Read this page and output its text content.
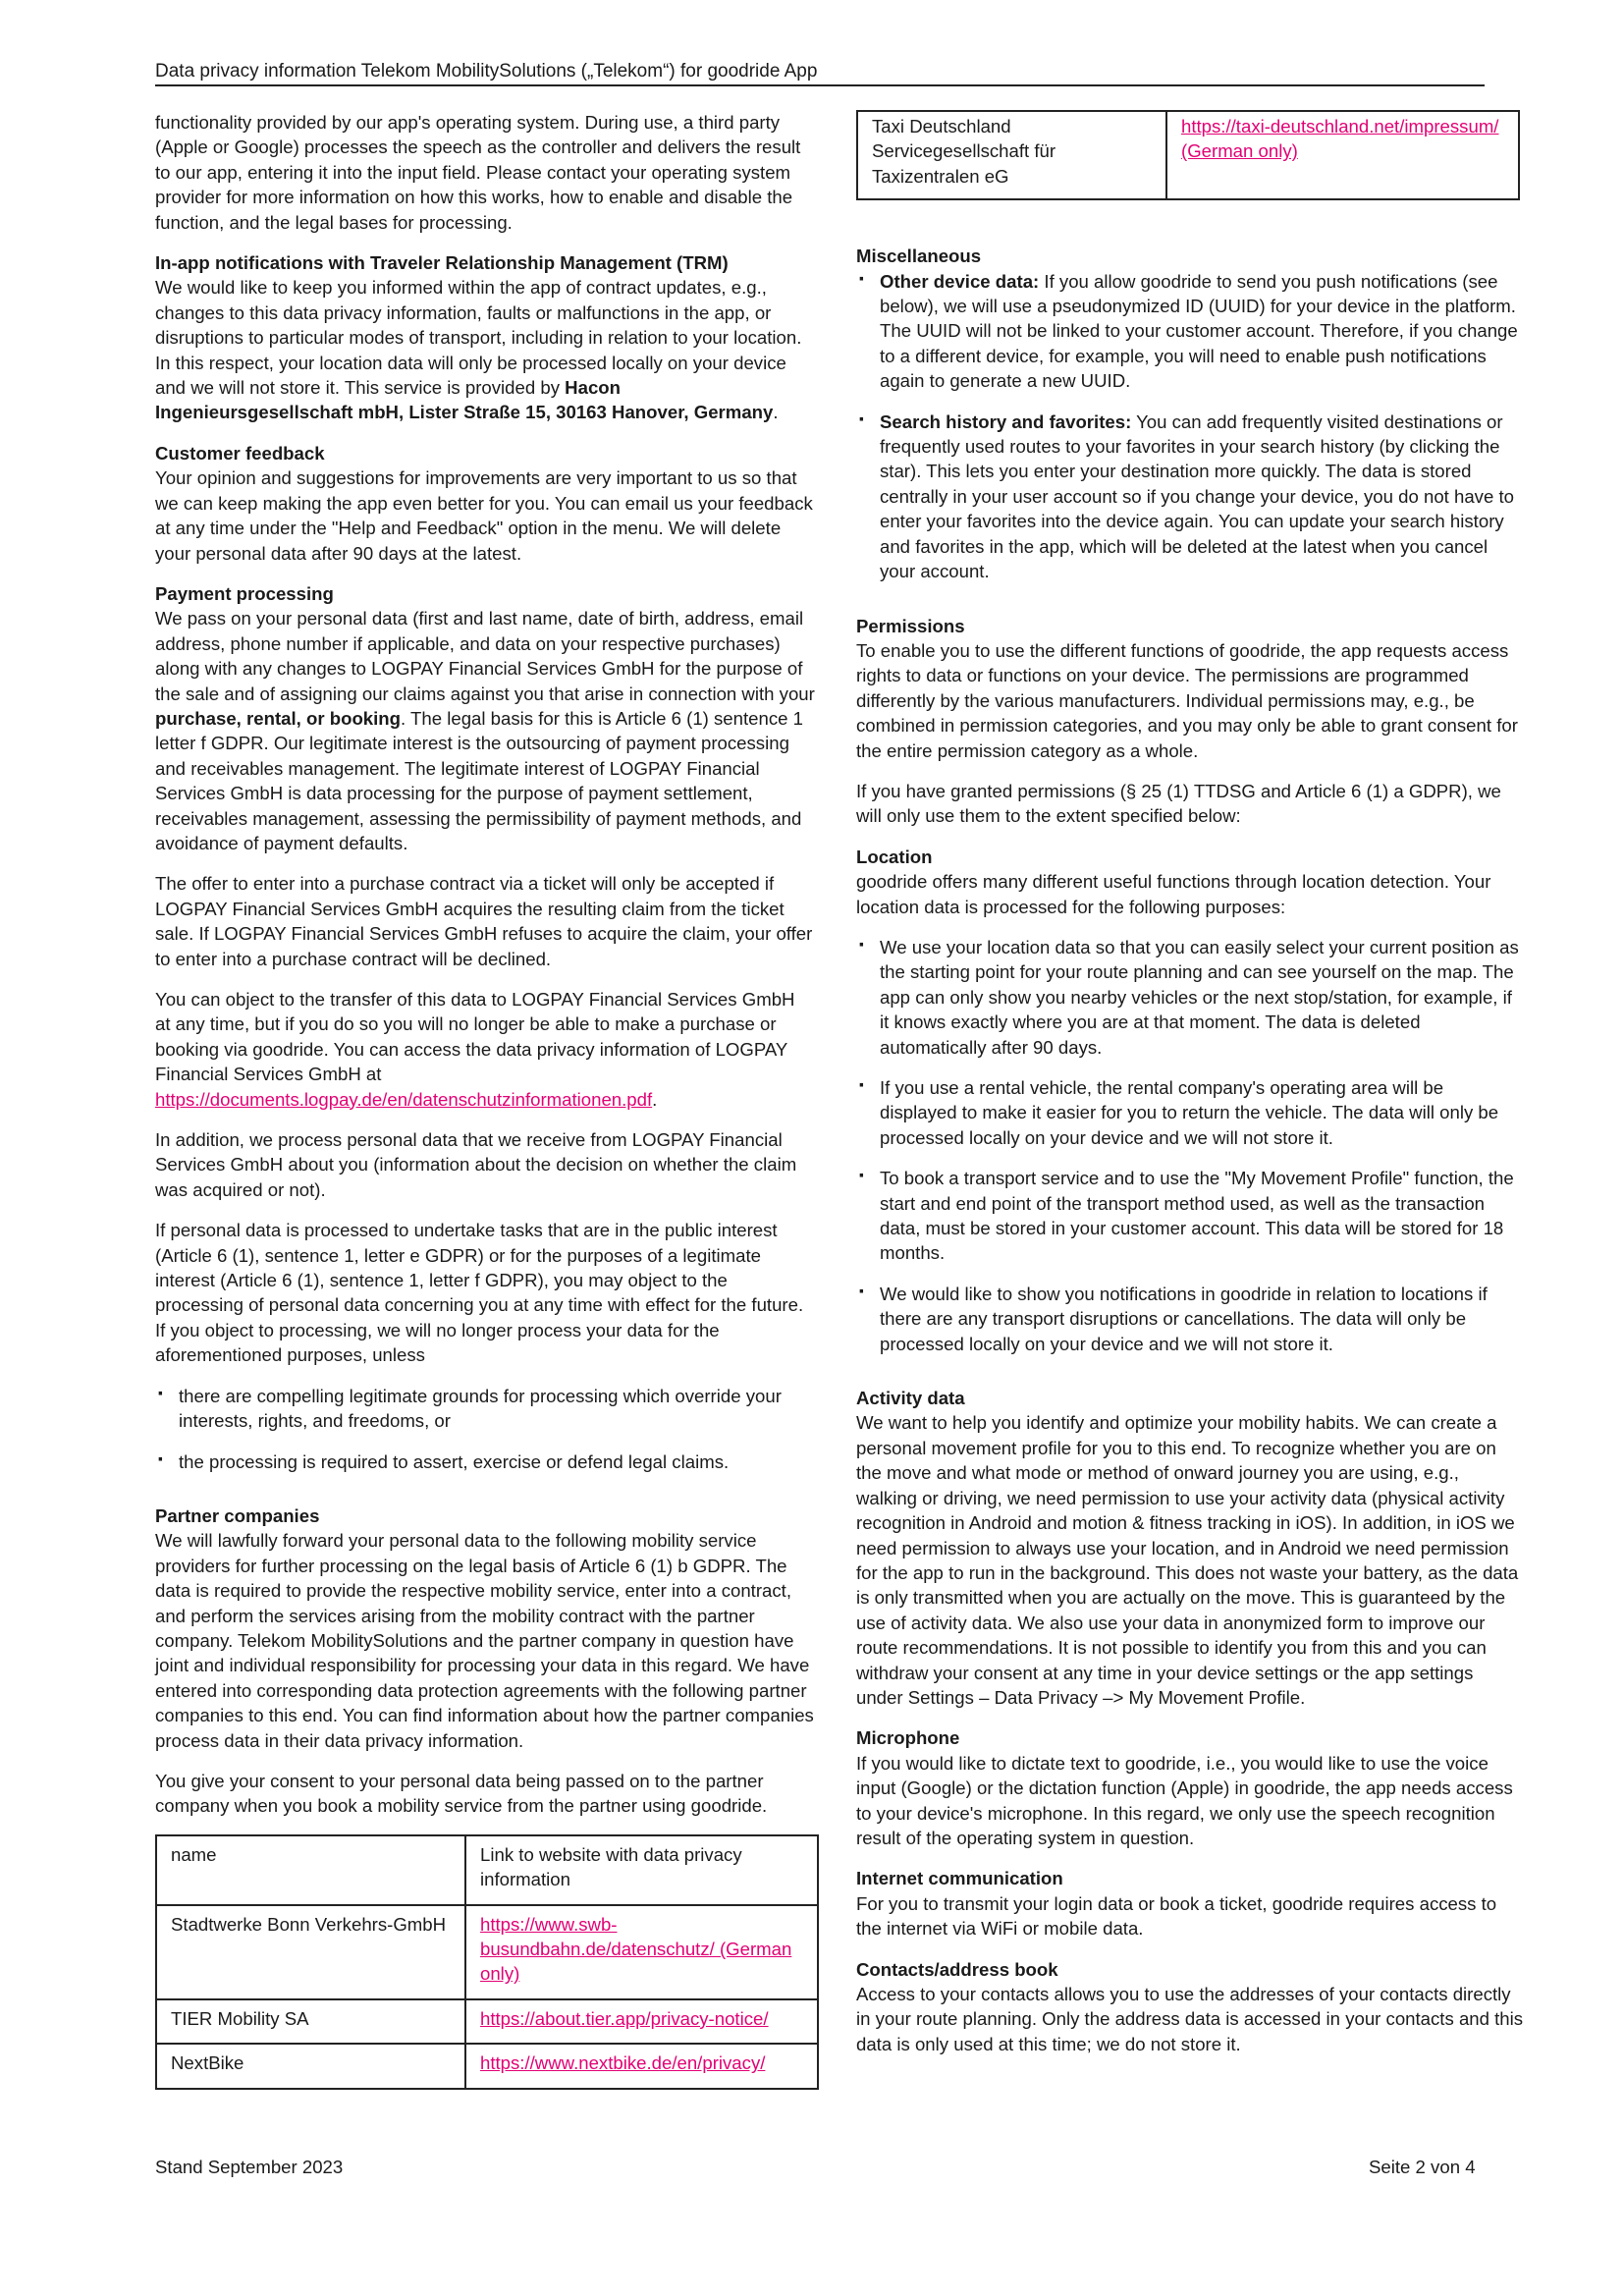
Data privacy information Telekom MobilitySolutions („Telekom“) for goodride App

functionality provided by our app's operating system. During use, a third party (Apple or Google) processes the speech as the controller and delivers the result to our app, entering it into the input field. Please contact your operating system provider for more information on how this works, how to enable and disable the function, and the legal bases for processing.

In-app notifications with Traveler Relationship Management (TRM)

We would like to keep you informed within the app of contract updates, e.g., changes to this data privacy information, faults or malfunctions in the app, or disruptions to particular modes of transport, including in relation to your location. In this respect, your location data will only be processed locally on your device and we will not store it. This service is provided by Hacon Ingenieursgesellschaft mbH, Lister Straße 15, 30163 Hanover, Germany.

Customer feedback

Your opinion and suggestions for improvements are very important to us so that we can keep making the app even better for you. You can email us your feedback at any time under the "Help and Feedback" option in the menu. We will delete your personal data after 90 days at the latest.

Payment processing

We pass on your personal data (first and last name, date of birth, address, email address, phone number if applicable, and data on your respective purchases) along with any changes to LOGPAY Financial Services GmbH for the purpose of the sale and of assigning our claims against you that arise in connection with your purchase, rental, or booking. The legal basis for this is Article 6 (1) sentence 1 letter f GDPR. Our legitimate interest is the outsourcing of payment processing and receivables management. The legitimate interest of LOGPAY Financial Services GmbH is data processing for the purpose of payment settlement, receivables management, assessing the permissibility of payment methods, and avoidance of payment defaults.

The offer to enter into a purchase contract via a ticket will only be accepted if LOGPAY Financial Services GmbH acquires the resulting claim from the ticket sale. If LOGPAY Financial Services GmbH refuses to acquire the claim, your offer to enter into a purchase contract will be declined.

You can object to the transfer of this data to LOGPAY Financial Services GmbH at any time, but if you do so you will no longer be able to make a purchase or booking via goodride. You can access the data privacy information of LOGPAY Financial Services GmbH at https://documents.logpay.de/en/datenschutzinformationen.pdf.

In addition, we process personal data that we receive from LOGPAY Financial Services GmbH about you (information about the decision on whether the claim was acquired or not).

If personal data is processed to undertake tasks that are in the public interest (Article 6 (1), sentence 1, letter e GDPR) or for the purposes of a legitimate interest (Article 6 (1), sentence 1, letter f GDPR), you may object to the processing of personal data concerning you at any time with effect for the future. If you object to processing, we will no longer process your data for the aforementioned purposes, unless

· there are compelling legitimate grounds for processing which override your interests, rights, and freedoms, or
· the processing is required to assert, exercise or defend legal claims.
Partner companies

We will lawfully forward your personal data to the following mobility service providers for further processing on the legal basis of Article 6 (1) b GDPR. The data is required to provide the respective mobility service, enter into a contract, and perform the services arising from the mobility contract with the partner company. Telekom MobilitySolutions and the partner company in question have joint and individual responsibility for processing your data in this regard. We have entered into corresponding data protection agreements with the following partner companies to this end. You can find information about how the partner companies process data in their data privacy information.

You give your consent to your personal data being passed on to the partner company when you book a mobility service from the partner using goodride.

name	Link to website with data privacy information
Stadtwerke Bonn Verkehrs-GmbH	https://www.swb-busundbahn.de/datenschutz/ (German only)
TIER Mobility SA	https://about.tier.app/privacy-notice/
NextBike	https://www.nextbike.de/en/privacy/
Taxi Deutschland Servicegesellschaft für Taxizentralen eG	https://taxi-deutschland.net/impressum/ (German only)
Miscellaneous
· Other device data: If you allow goodride to send you push notifications (see below), we will use a pseudonymized ID (UUID) for your device in the platform. The UUID will not be linked to your customer account. Therefore, if you change to a different device, for example, you will need to enable push notifications again to generate a new UUID.
· Search history and favorites: You can add frequently visited destinations or frequently used routes to your favorites in your search history (by clicking the star). This lets you enter your destination more quickly. The data is stored centrally in your user account so if you change your device, you do not have to enter your favorites into the device again. You can update your search history and favorites in the app, which will be deleted at the latest when you cancel your account.
Permissions

To enable you to use the different functions of goodride, the app requests access rights to data or functions on your device. The permissions are programmed differently by the various manufacturers. Individual permissions may, e.g., be combined in permission categories, and you may only be able to grant consent for the entire permission category as a whole.

If you have granted permissions (§ 25 (1) TTDSG and Article 6 (1) a GDPR), we will only use them to the extent specified below:

Location

goodride offers many different useful functions through location detection. Your location data is processed for the following purposes:

· We use your location data so that you can easily select your current position as the starting point for your route planning and can see yourself on the map. The app can only show you nearby vehicles or the next stop/station, for example, if it knows exactly where you are at that moment. The data is deleted automatically after 90 days.
· If you use a rental vehicle, the rental company's operating area will be displayed to make it easier for you to return the vehicle. The data will only be processed locally on your device and we will not store it.
· To book a transport service and to use the "My Movement Profile" function, the start and end point of the transport method used, as well as the transaction data, must be stored in your customer account. This data will be stored for 18 months.
· We would like to show you notifications in goodride in relation to locations if there are any transport disruptions or cancellations. The data will only be processed locally on your device and we will not store it.
Activity data

We want to help you identify and optimize your mobility habits. We can create a personal movement profile for you to this end. To recognize whether you are on the move and what mode or method of onward journey you are using, e.g., walking or driving, we need permission to use your activity data (physical activity recognition in Android and motion & fitness tracking in iOS). In addition, in iOS we need permission to always use your location, and in Android we need permission for the app to run in the background. This does not waste your battery, as the data is only transmitted when you are actually on the move. This is guaranteed by the use of activity data. We also use your data in anonymized form to improve our route recommendations. It is not possible to identify you from this and you can withdraw your consent at any time in your device settings or the app settings under Settings – Data Privacy –> My Movement Profile.

Microphone

If you would like to dictate text to goodride, i.e., you would like to use the voice input (Google) or the dictation function (Apple) in goodride, the app needs access to your device's microphone. In this regard, we only use the speech recognition result of the operating system in question.

Internet communication

For you to transmit your login data or book a ticket, goodride requires access to the internet via WiFi or mobile data.

Contacts/address book

Access to your contacts allows you to use the addresses of your contacts directly in your route planning. Only the address data is accessed in your contacts and this data is only used at this time; we do not store it.

Stand September 2023	Seite 2 von 4
